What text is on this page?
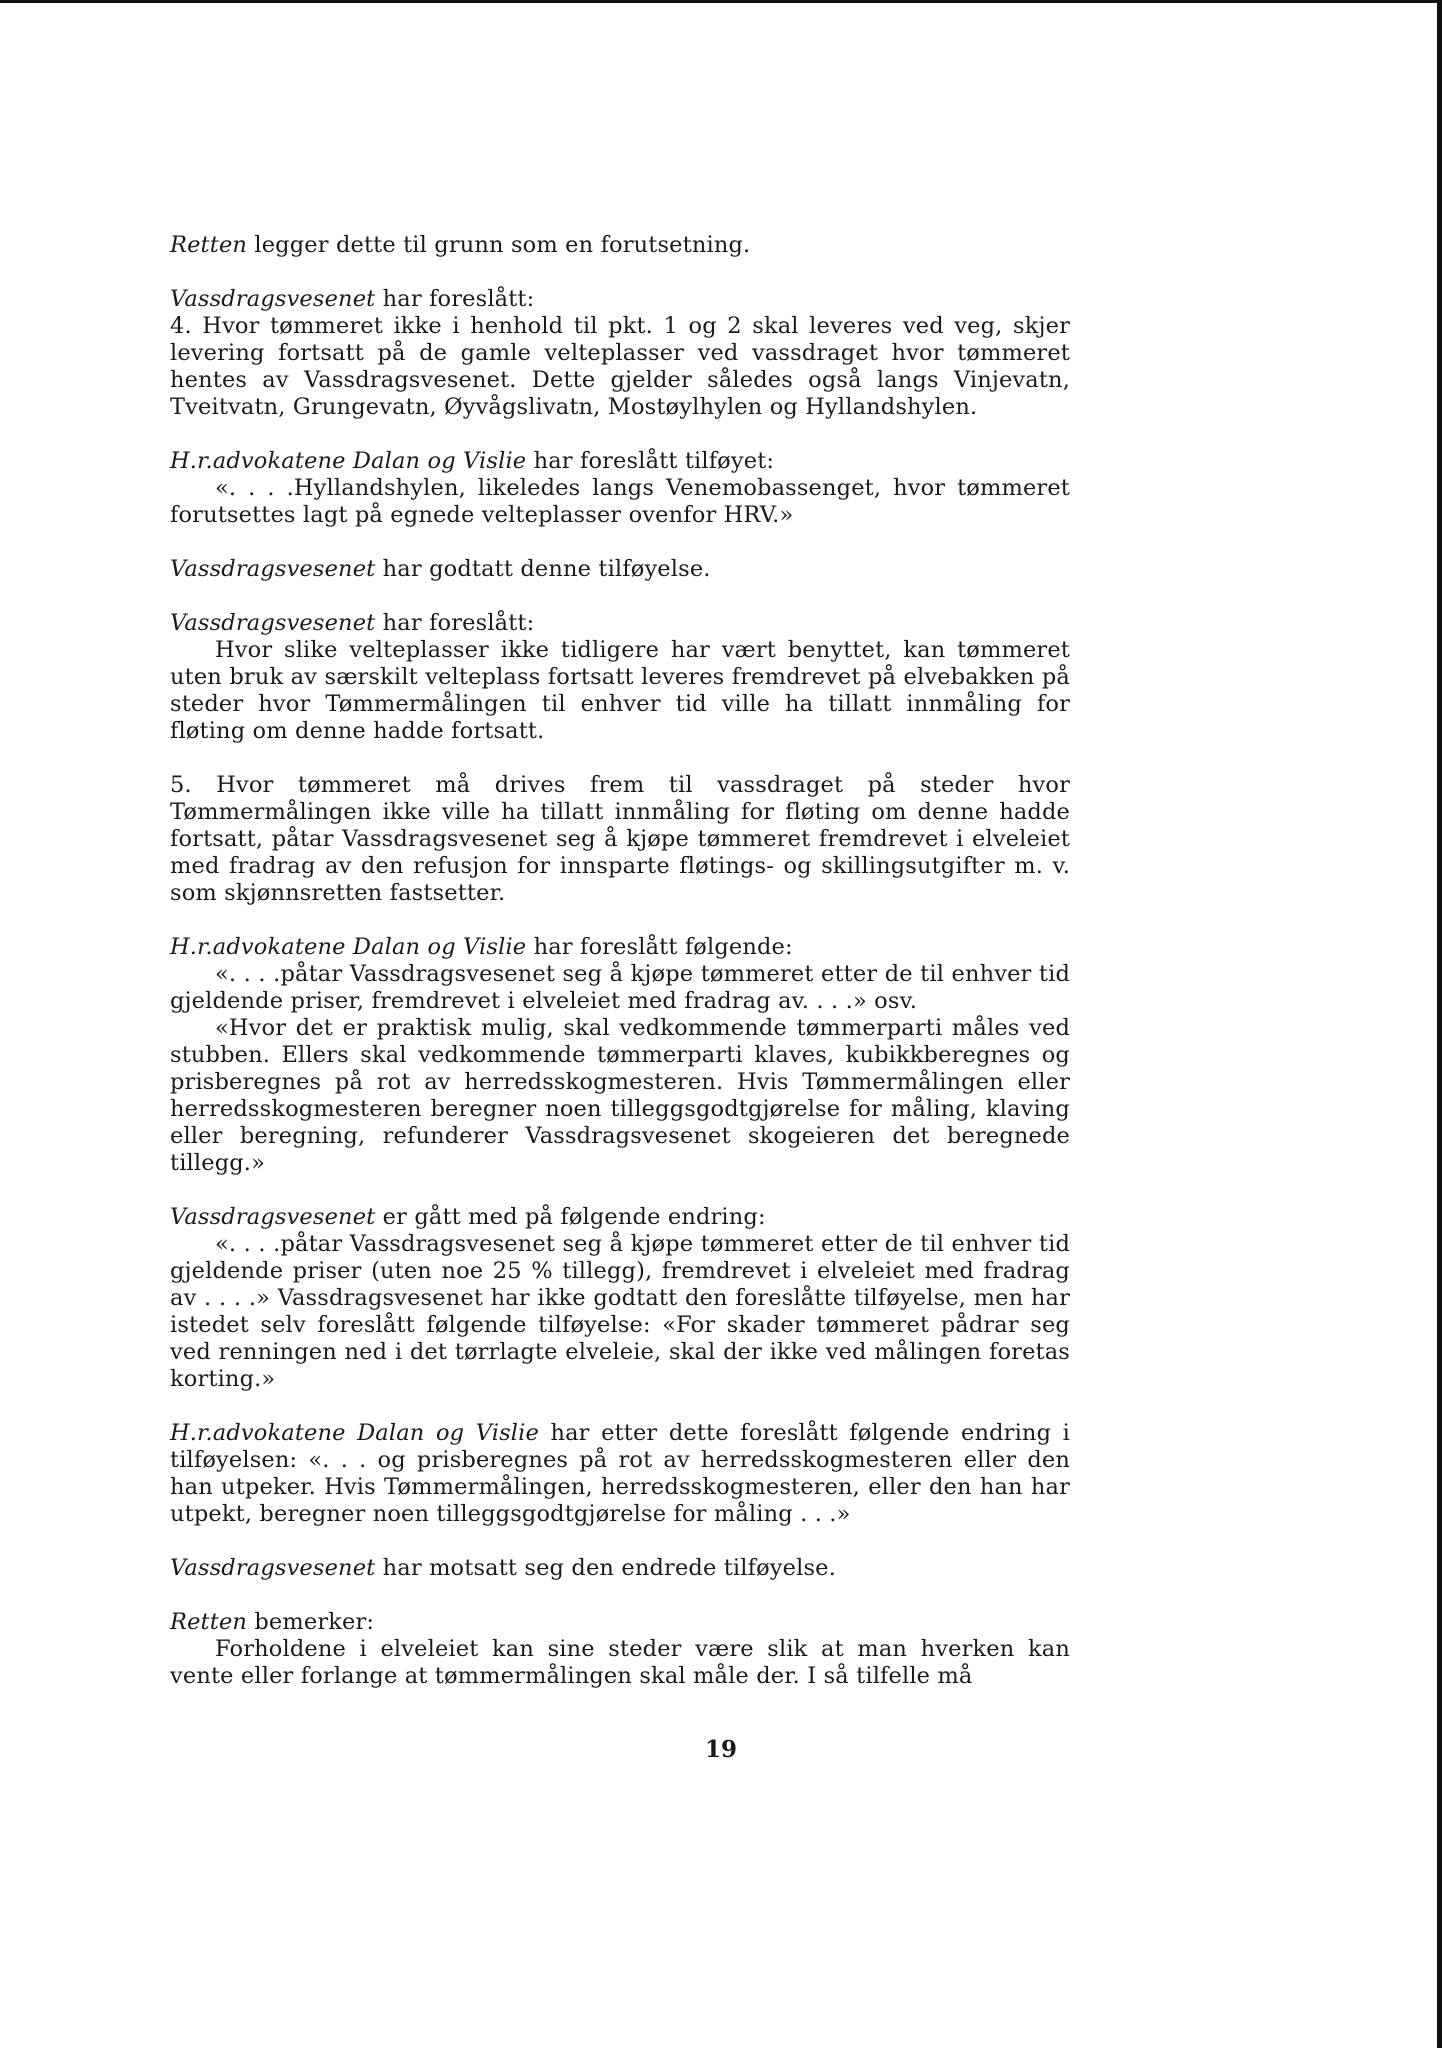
Retten legger dette til grunn som en forutsetning.

Vassdragsvesenet har foreslått:

4. Hvor tømmeret ikke i henhold til pkt. 1 og 2 skal leveres ved veg, skjer levering fortsatt på de gamle velteplasser ved vassdraget hvor tømmeret hentes av Vassdragsvesenet. Dette gjelder således også langs Vinjevatn, Tveitvatn, Grungevatn, Øyvågslivatn, Mostøylhylen og Hyllandshylen.

H.r.advokatene Dalan og Vislie har foreslått tilføyet:

«. . . .Hyllandshylen, likeledes langs Venemobassenget, hvor tømmeret forutsettes lagt på egnede velteplasser ovenfor HRV.»

Vassdragsvesenet har godtatt denne tilføyelse.

Vassdragsvesenet har foreslått:

Hvor slike velteplasser ikke tidligere har vært benyttet, kan tømmeret uten bruk av særskilt velteplass fortsatt leveres fremdrevet på elvebakken på steder hvor Tømmermålingen til enhver tid ville ha tillatt innmåling for fløting om denne hadde fortsatt.

5. Hvor tømmeret må drives frem til vassdraget på steder hvor Tømmermålingen ikke ville ha tillatt innmåling for fløting om denne hadde fortsatt, påtar Vassdragsvesenet seg å kjøpe tømmeret fremdrevet i elveleiet med fradrag av den refusjon for innsparte fløtings- og skillingsutgifter m. v. som skjønnsretten fastsetter.

H.r.advokatene Dalan og Vislie har foreslått følgende:

«. . . .påtar Vassdragsvesenet seg å kjøpe tømmeret etter de til enhver tid gjeldende priser, fremdrevet i elveleiet med fradrag av. . . .» osv.

«Hvor det er praktisk mulig, skal vedkommende tømmerparti måles ved stubben. Ellers skal vedkommende tømmerparti klaves, kubikkberegnes og prisberegnes på rot av herredsskogmesteren. Hvis Tømmermålingen eller herredsskogmesteren beregner noen tilleggsgodtgjørelse for måling, klaving eller beregning, refunderer Vassdragsvesenet skogeieren det beregnede tillegg.»

Vassdragsvesenet er gått med på følgende endring:

«. . . .påtar Vassdragsvesenet seg å kjøpe tømmeret etter de til enhver tid gjeldende priser (uten noe 25 % tillegg), fremdrevet i elveleiet med fradrag av . . . .» Vassdragsvesenet har ikke godtatt den foreslåtte tilføyelse, men har istedet selv foreslått følgende tilføyelse: «For skader tømmeret pådrar seg ved renningen ned i det tørrlagte elveleie, skal der ikke ved målingen foretas korting.»

H.r.advokatene Dalan og Vislie har etter dette foreslått følgende endring i tilføyelsen: «. . . og prisberegnes på rot av herredsskogmesteren eller den han utpeker. Hvis Tømmermålingen, herredsskogmesteren, eller den han har utpekt, beregner noen tilleggsgodtgjørelse for måling . . .»

Vassdragsvesenet har motsatt seg den endrede tilføyelse.

Retten bemerker:

Forholdene i elveleiet kan sine steder være slik at man hverken kan vente eller forlange at tømmermålingen skal måle der. I så tilfelle må

19
